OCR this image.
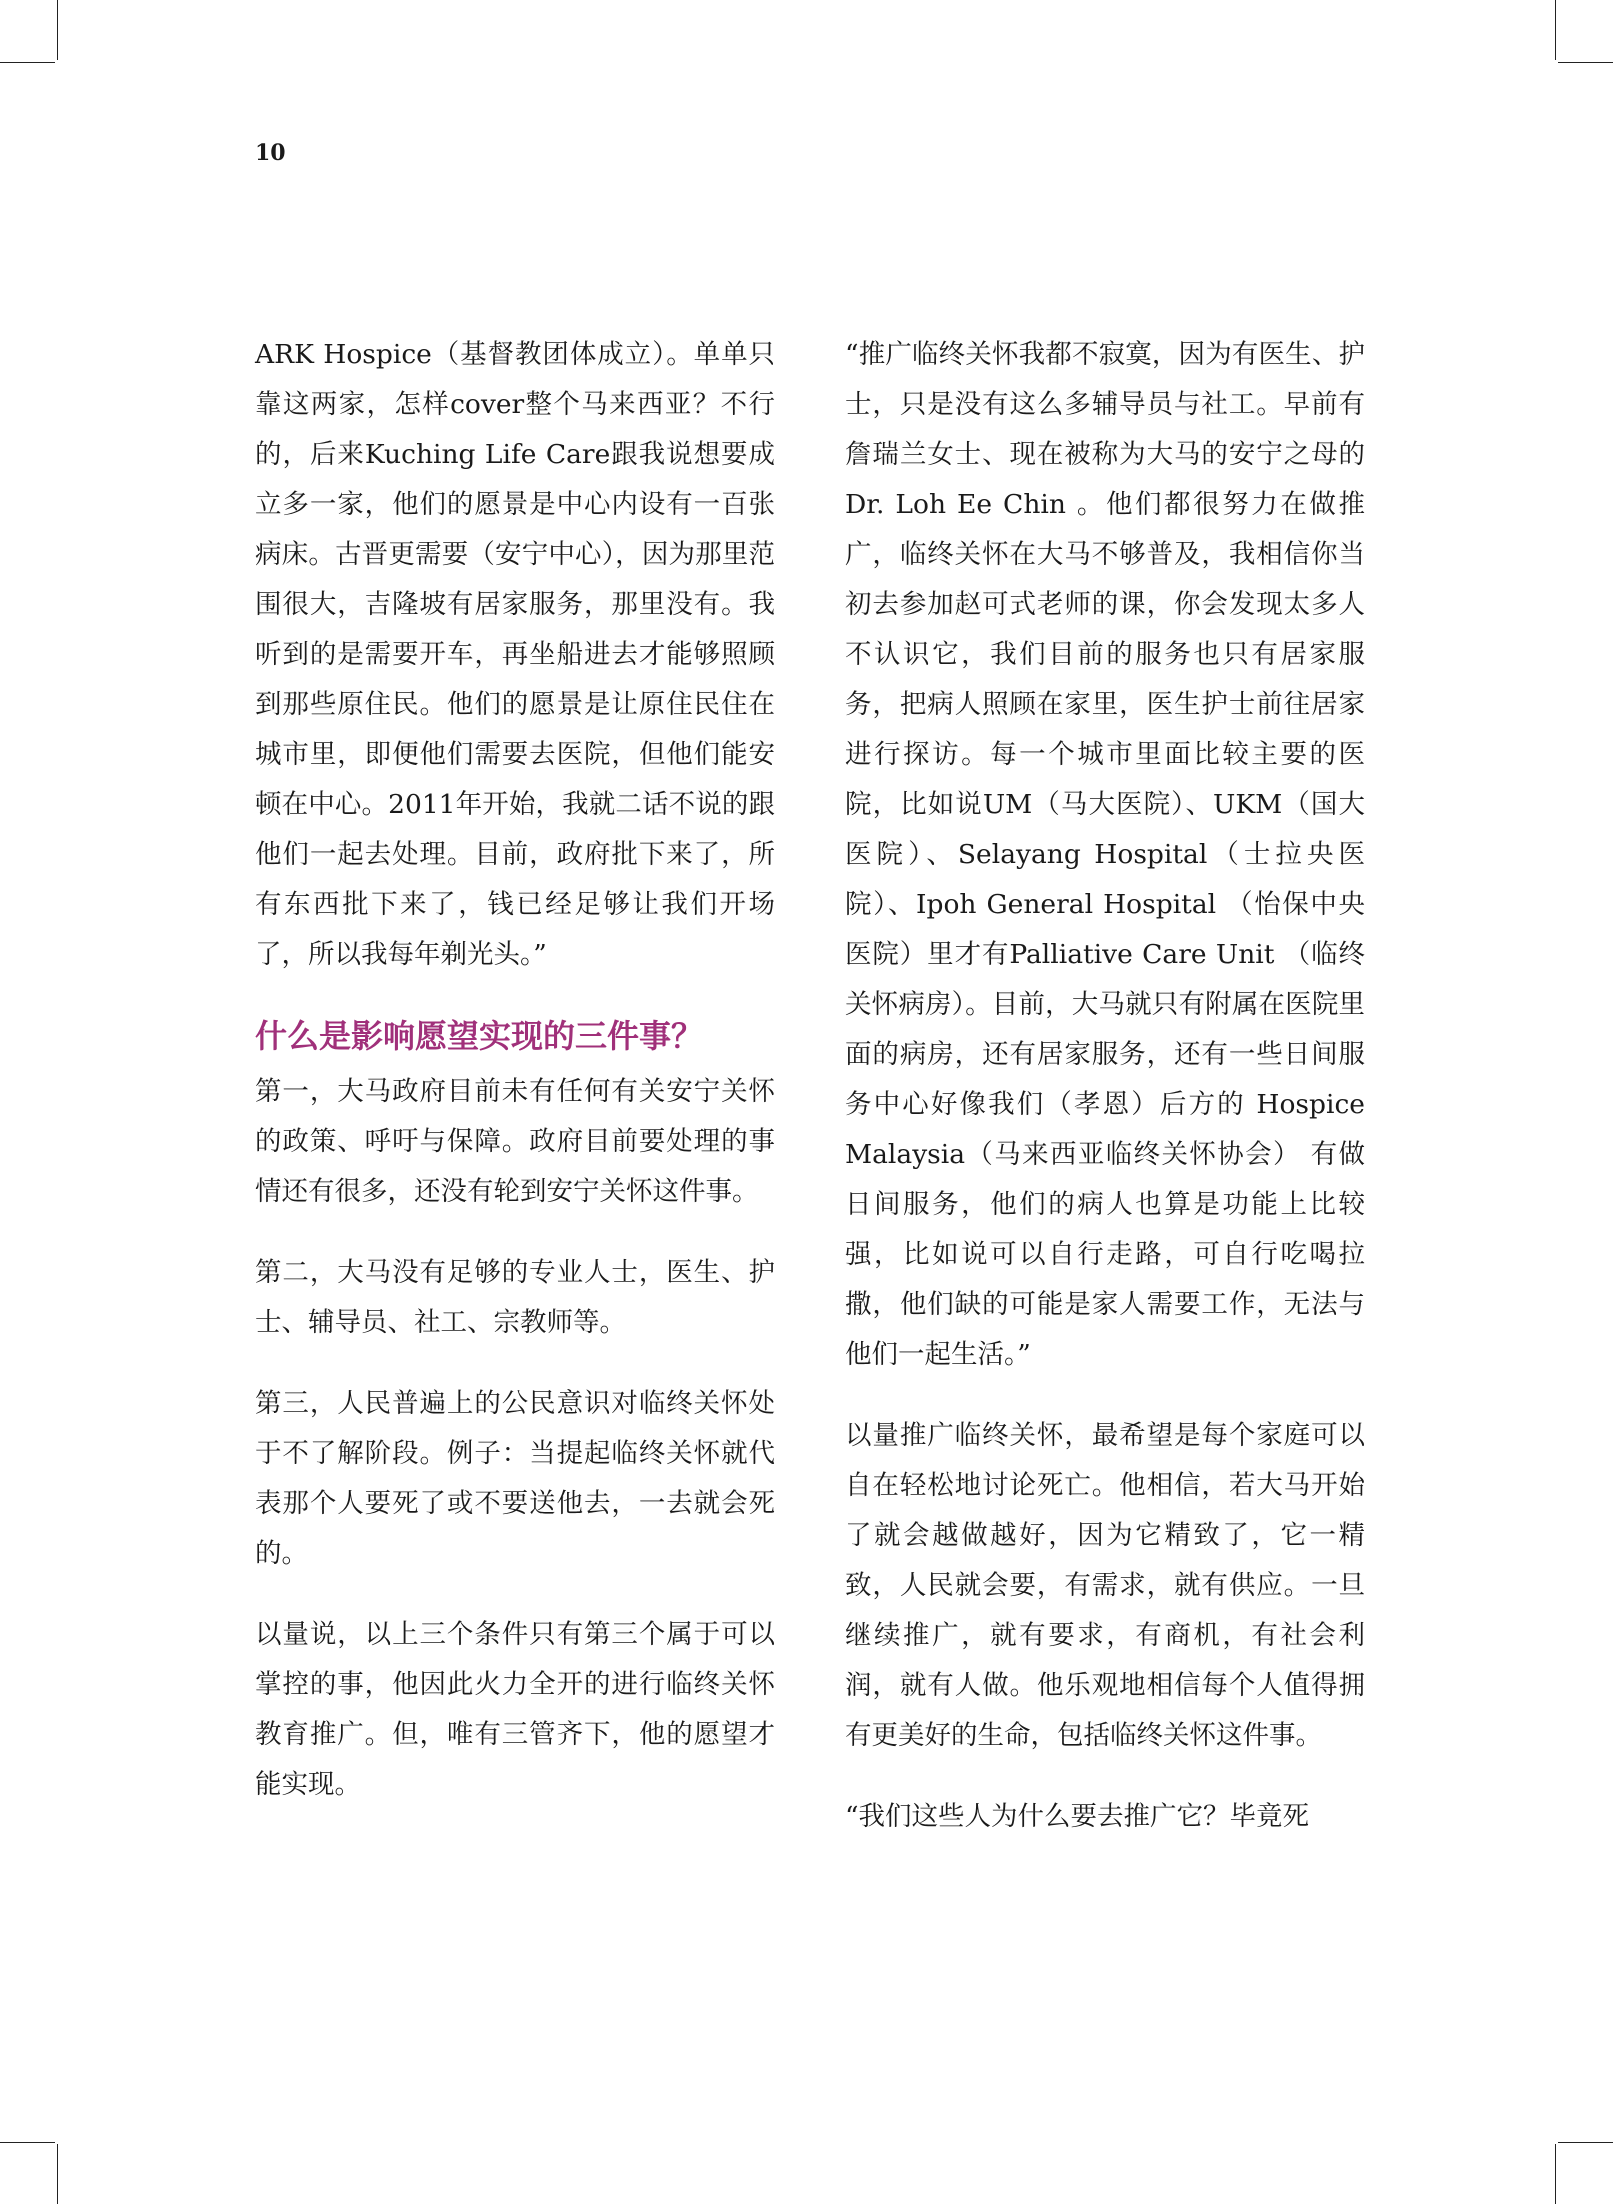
10

ARK Hospice（基督教团体成立）。单单只靠这两家，怎样cover整个马来西亚？不行的，后来Kuching Life Care跟我说想要成立多一家，他们的愿景是中心内设有一百张病床。古晋更需要（安宁中心），因为那里范围很大，吉隆坡有居家服务，那里没有。我听到的是需要开车，再坐船进去才能够照顾到那些原住民。他们的愿景是让原住民住在城市里，即便他们需要去医院，但他们能安顿在中心。2011年开始，我就二话不说的跟他们一起去处理。目前，政府批下来了，所有东西批下来了，钱已经足够让我们开场了，所以我每年剃光头。”

什么是影响愿望实现的三件事？

第一，大马政府目前未有任何有关安宁关怀的政策、呼吁与保障。政府目前要处理的事情还有很多，还没有轮到安宁关怀这件事。

第二，大马没有足够的专业人士，医生、护士、辅导员、社工、宗教师等。

第三，人民普遍上的公民意识对临终关怀处于不了解阶段。例子：当提起临终关怀就代表那个人要死了或不要送他去，一去就会死的。

以量说，以上三个条件只有第三个属于可以掌控的事，他因此火力全开的进行临终关怀教育推广。但，唯有三管齐下，他的愿望才能实现。

“推广临终关怀我都不寂寞，因为有医生、护士，只是没有这么多辅导员与社工。早前有詹瑞兰女士、现在被称为大马的安宁之母的Dr. Loh Ee Chin 。他们都很努力在做推广，临终关怀在大马不够普及，我相信你当初去参加赵可式老师的课，你会发现太多人不认识它，我们目前的服务也只有居家服务，把病人照顾在家里，医生护士前往居家进行探访。每一个城市里面比较主要的医院，比如说UM（马大医院）、UKM（国大医院）、Selayang Hospital（士拉央医院）、Ipoh General Hospital （怡保中央医院）里才有Palliative Care Unit （临终关怀病房）。目前，大马就只有附属在医院里面的病房，还有居家服务，还有一些日间服务中心好像我们（孝恩）后方的 Hospice Malaysia（马来西亚临终关怀协会） 有做日间服务，他们的病人也算是功能上比较强，比如说可以自行走路，可自行吃喝拉撒，他们缺的可能是家人需要工作，无法与他们一起生活。”

以量推广临终关怀，最希望是每个家庭可以自在轻松地讨论死亡。他相信，若大马开始了就会越做越好，因为它精致了，它一精致，人民就会要，有需求，就有供应。一旦继续推广，就有要求，有商机，有社会利润，就有人做。他乐观地相信每个人值得拥有更美好的生命，包括临终关怀这件事。

“我们这些人为什么要去推广它？毕竟死
